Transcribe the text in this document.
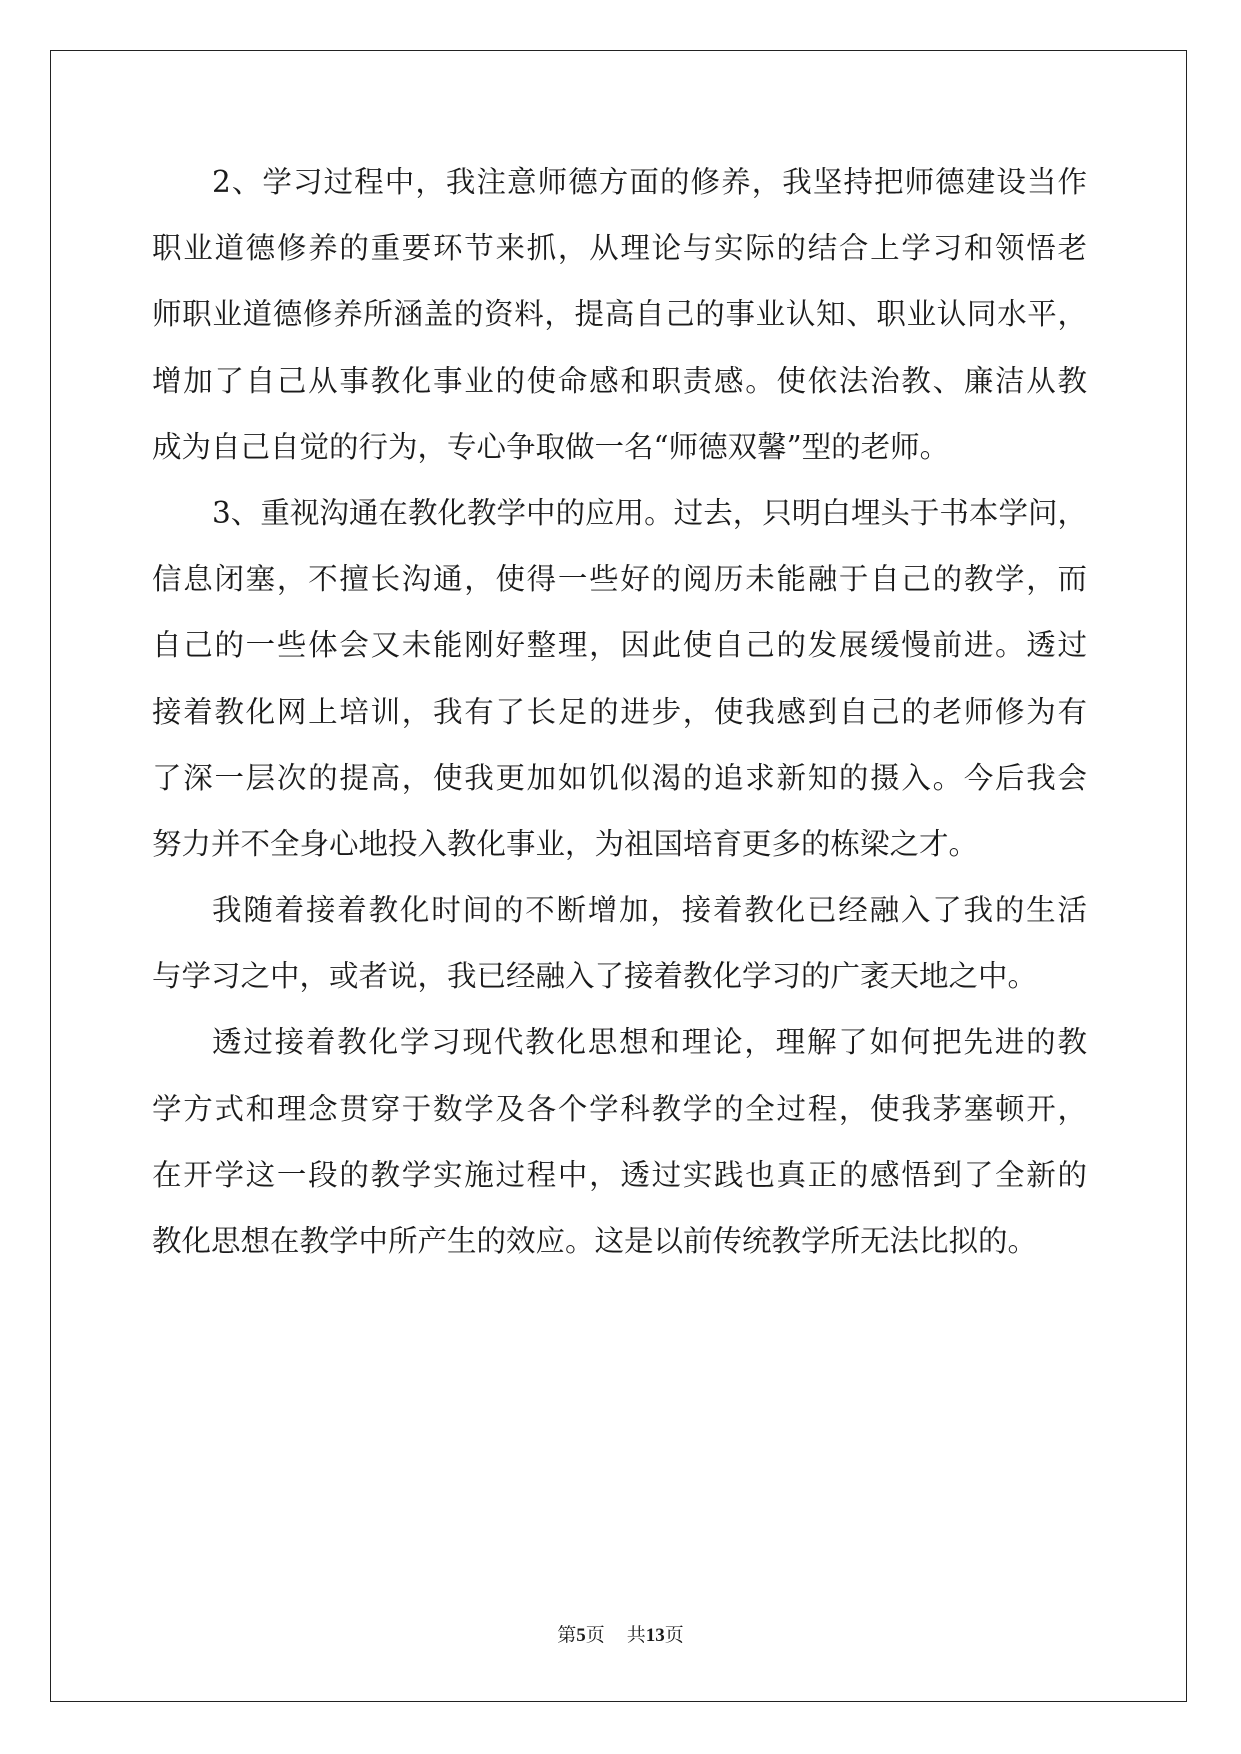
2、学习过程中，我注意师德方面的修养，我坚持把师德建设当作
职业道德修养的重要环节来抓，从理论与实际的结合上学习和领悟老
师职业道德修养所涵盖的资料，提高自己的事业认知、职业认同水平，
增加了自己从事教化事业的使命感和职责感。使依法治教、廉洁从教
成为自己自觉的行为，专心争取做一名“师德双馨”型的老师。
3、重视沟通在教化教学中的应用。过去，只明白埋头于书本学问，
信息闭塞，不擅长沟通，使得一些好的阅历未能融于自己的教学，而
自己的一些体会又未能刚好整理，因此使自己的发展缓慢前进。透过
接着教化网上培训，我有了长足的进步，使我感到自己的老师修为有
了深一层次的提高，使我更加如饥似渴的追求新知的摄入。今后我会
努力并不全身心地投入教化事业，为祖国培育更多的栋梁之才。
我随着接着教化时间的不断增加，接着教化已经融入了我的生活
与学习之中，或者说，我已经融入了接着教化学习的广袤天地之中。
透过接着教化学习现代教化思想和理论，理解了如何把先进的教
学方式和理念贯穿于数学及各个学科教学的全过程，使我茅塞顿开，
在开学这一段的教学实施过程中，透过实践也真正的感悟到了全新的
教化思想在教学中所产生的效应。这是以前传统教学所无法比拟的。
第5页 共13页
